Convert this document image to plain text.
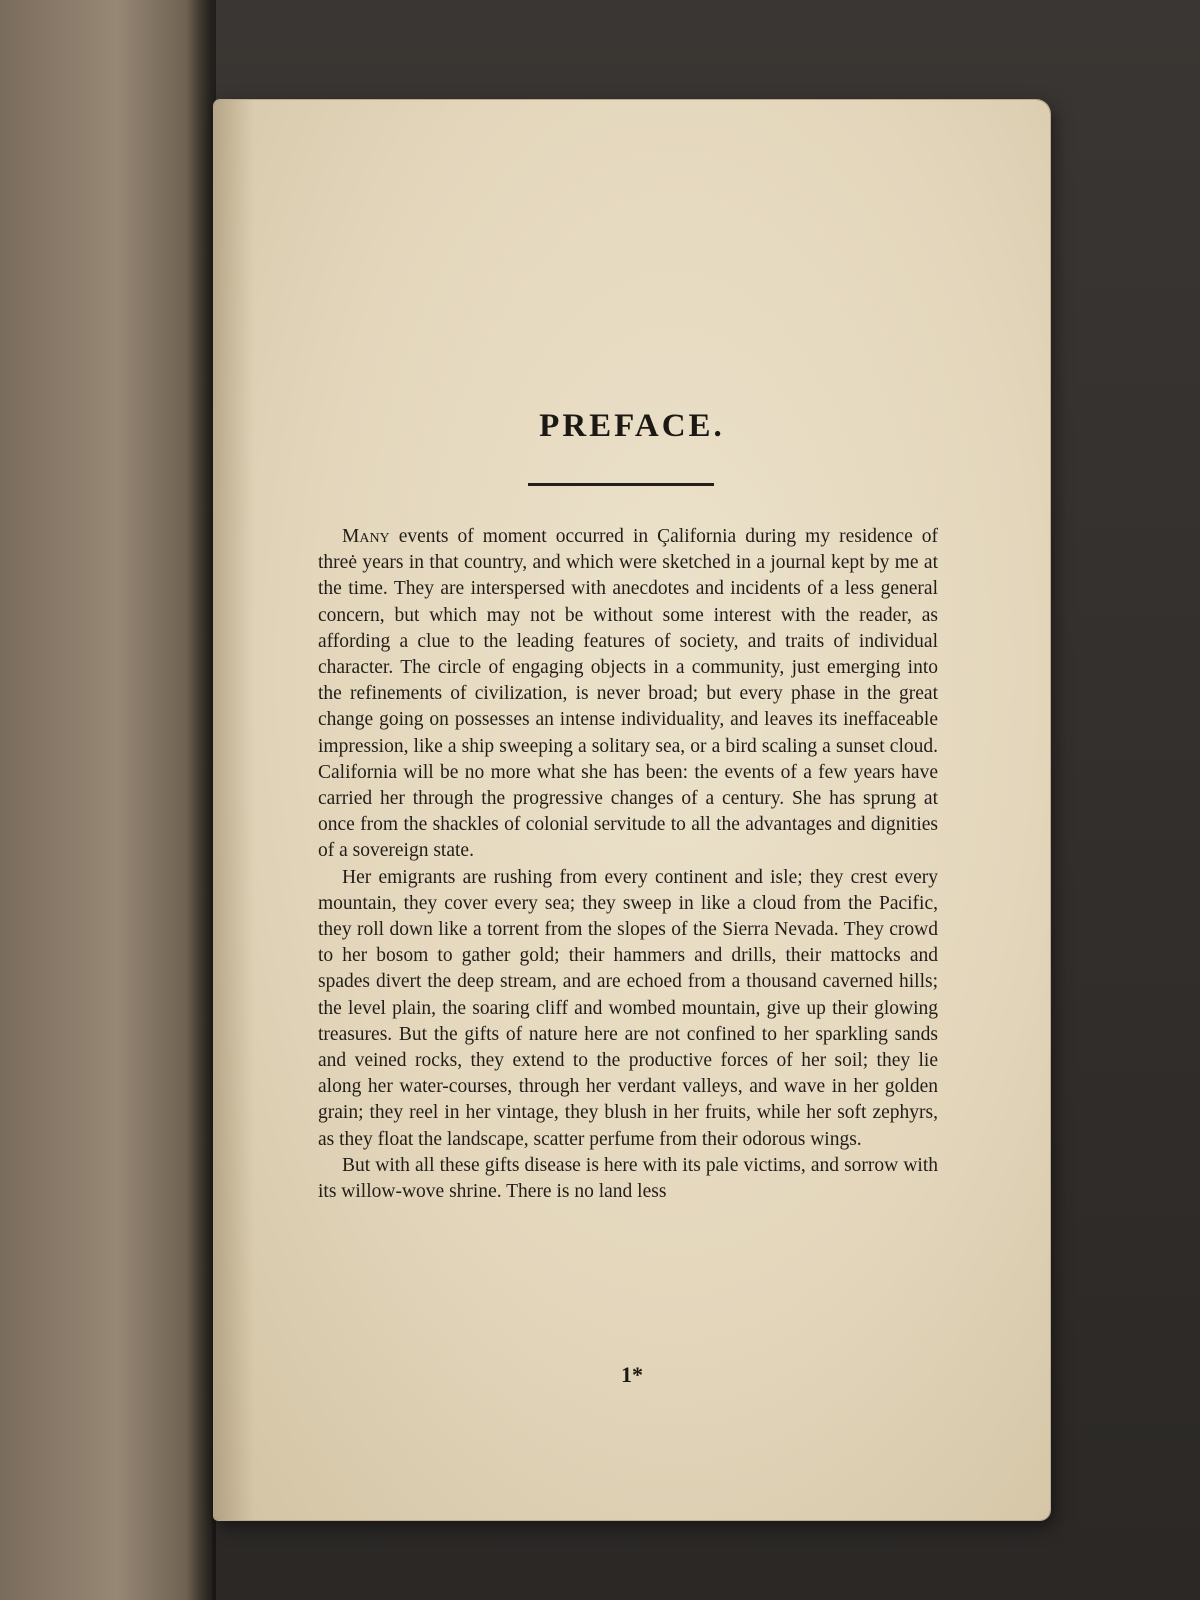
PREFACE.

Many events of moment occurred in Çalifornia during my residence of threė years in that country, and which were sketched in a journal kept by me at the time. They are interspersed with anecdotes and incidents of a less general concern, but which may not be without some interest with the reader, as affording a clue to the leading features of society, and traits of individual character. The circle of engaging objects in a community, just emerging into the refinements of civilization, is never broad; but every phase in the great change going on possesses an intense individuality, and leaves its ineffaceable impression, like a ship sweeping a solitary sea, or a bird scaling a sunset cloud. California will be no more what she has been: the events of a few years have carried her through the progressive changes of a century. She has sprung at once from the shackles of colonial servitude to all the advantages and dignities of a sovereign state.

Her emigrants are rushing from every continent and isle; they crest every mountain, they cover every sea; they sweep in like a cloud from the Pacific, they roll down like a torrent from the slopes of the Sierra Nevada. They crowd to her bosom to gather gold; their hammers and drills, their mattocks and spades divert the deep stream, and are echoed from a thousand caverned hills; the level plain, the soaring cliff and wombed mountain, give up their glowing treasures. But the gifts of nature here are not confined to her sparkling sands and veined rocks, they extend to the productive forces of her soil; they lie along her water-courses, through her verdant valleys, and wave in her golden grain; they reel in her vintage, they blush in her fruits, while her soft zephyrs, as they float the landscape, scatter perfume from their odorous wings.

But with all these gifts disease is here with its pale victims, and sorrow with its willow-wove shrine. There is no land less

1*
